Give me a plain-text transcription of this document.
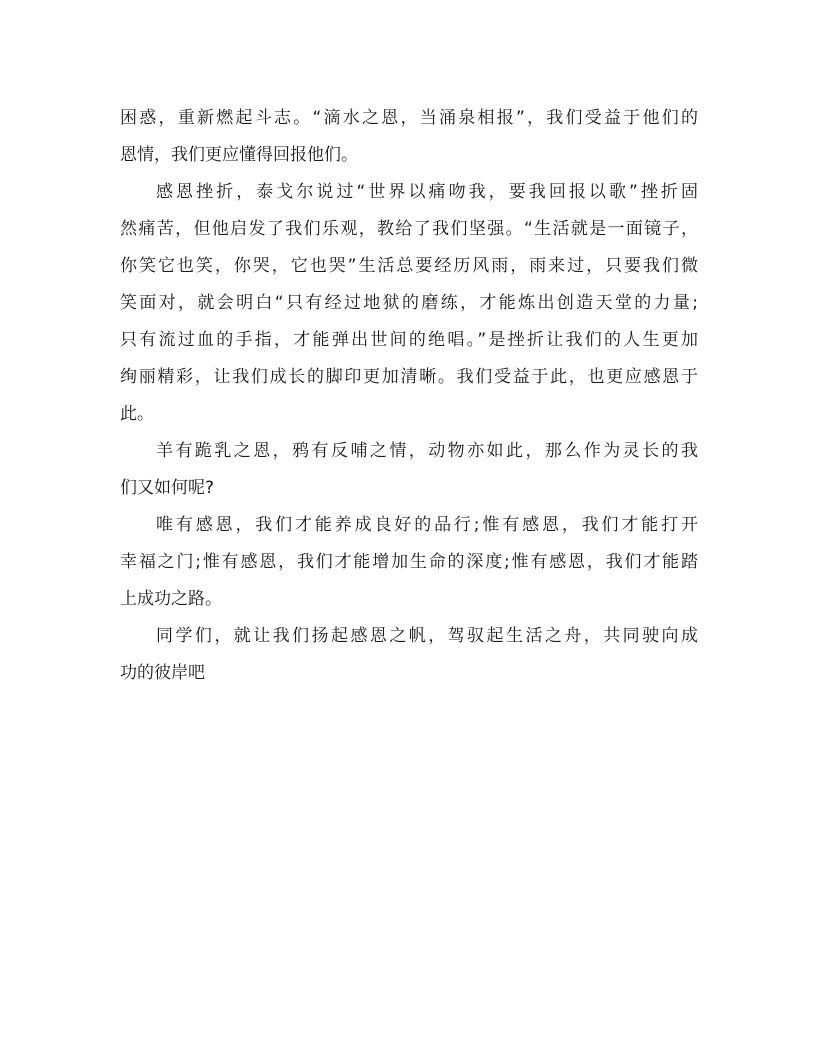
困惑，重新燃起斗志。“滴水之恩，当涌泉相报”，我们受益于他们的
恩情，我们更应懂得回报他们。
感恩挫折，泰戈尔说过“世界以痛吻我，要我回报以歌”挫折固
然痛苦，但他启发了我们乐观，教给了我们坚强。“生活就是一面镜子，
你笑它也笑，你哭，它也哭”生活总要经历风雨，雨来过，只要我们微
笑面对，就会明白“只有经过地狱的磨练，才能炼出创造天堂的力量;
只有流过血的手指，才能弹出世间的绝唱。”是挫折让我们的人生更加
绚丽精彩，让我们成长的脚印更加清晰。我们受益于此，也更应感恩于
此。
羊有跪乳之恩，鸦有反哺之情，动物亦如此，那么作为灵长的我
们又如何呢?
唯有感恩，我们才能养成良好的品行;惟有感恩，我们才能打开
幸福之门;惟有感恩，我们才能增加生命的深度;惟有感恩，我们才能踏
上成功之路。
同学们，就让我们扬起感恩之帆，驾驭起生活之舟，共同驶向成
功的彼岸吧
